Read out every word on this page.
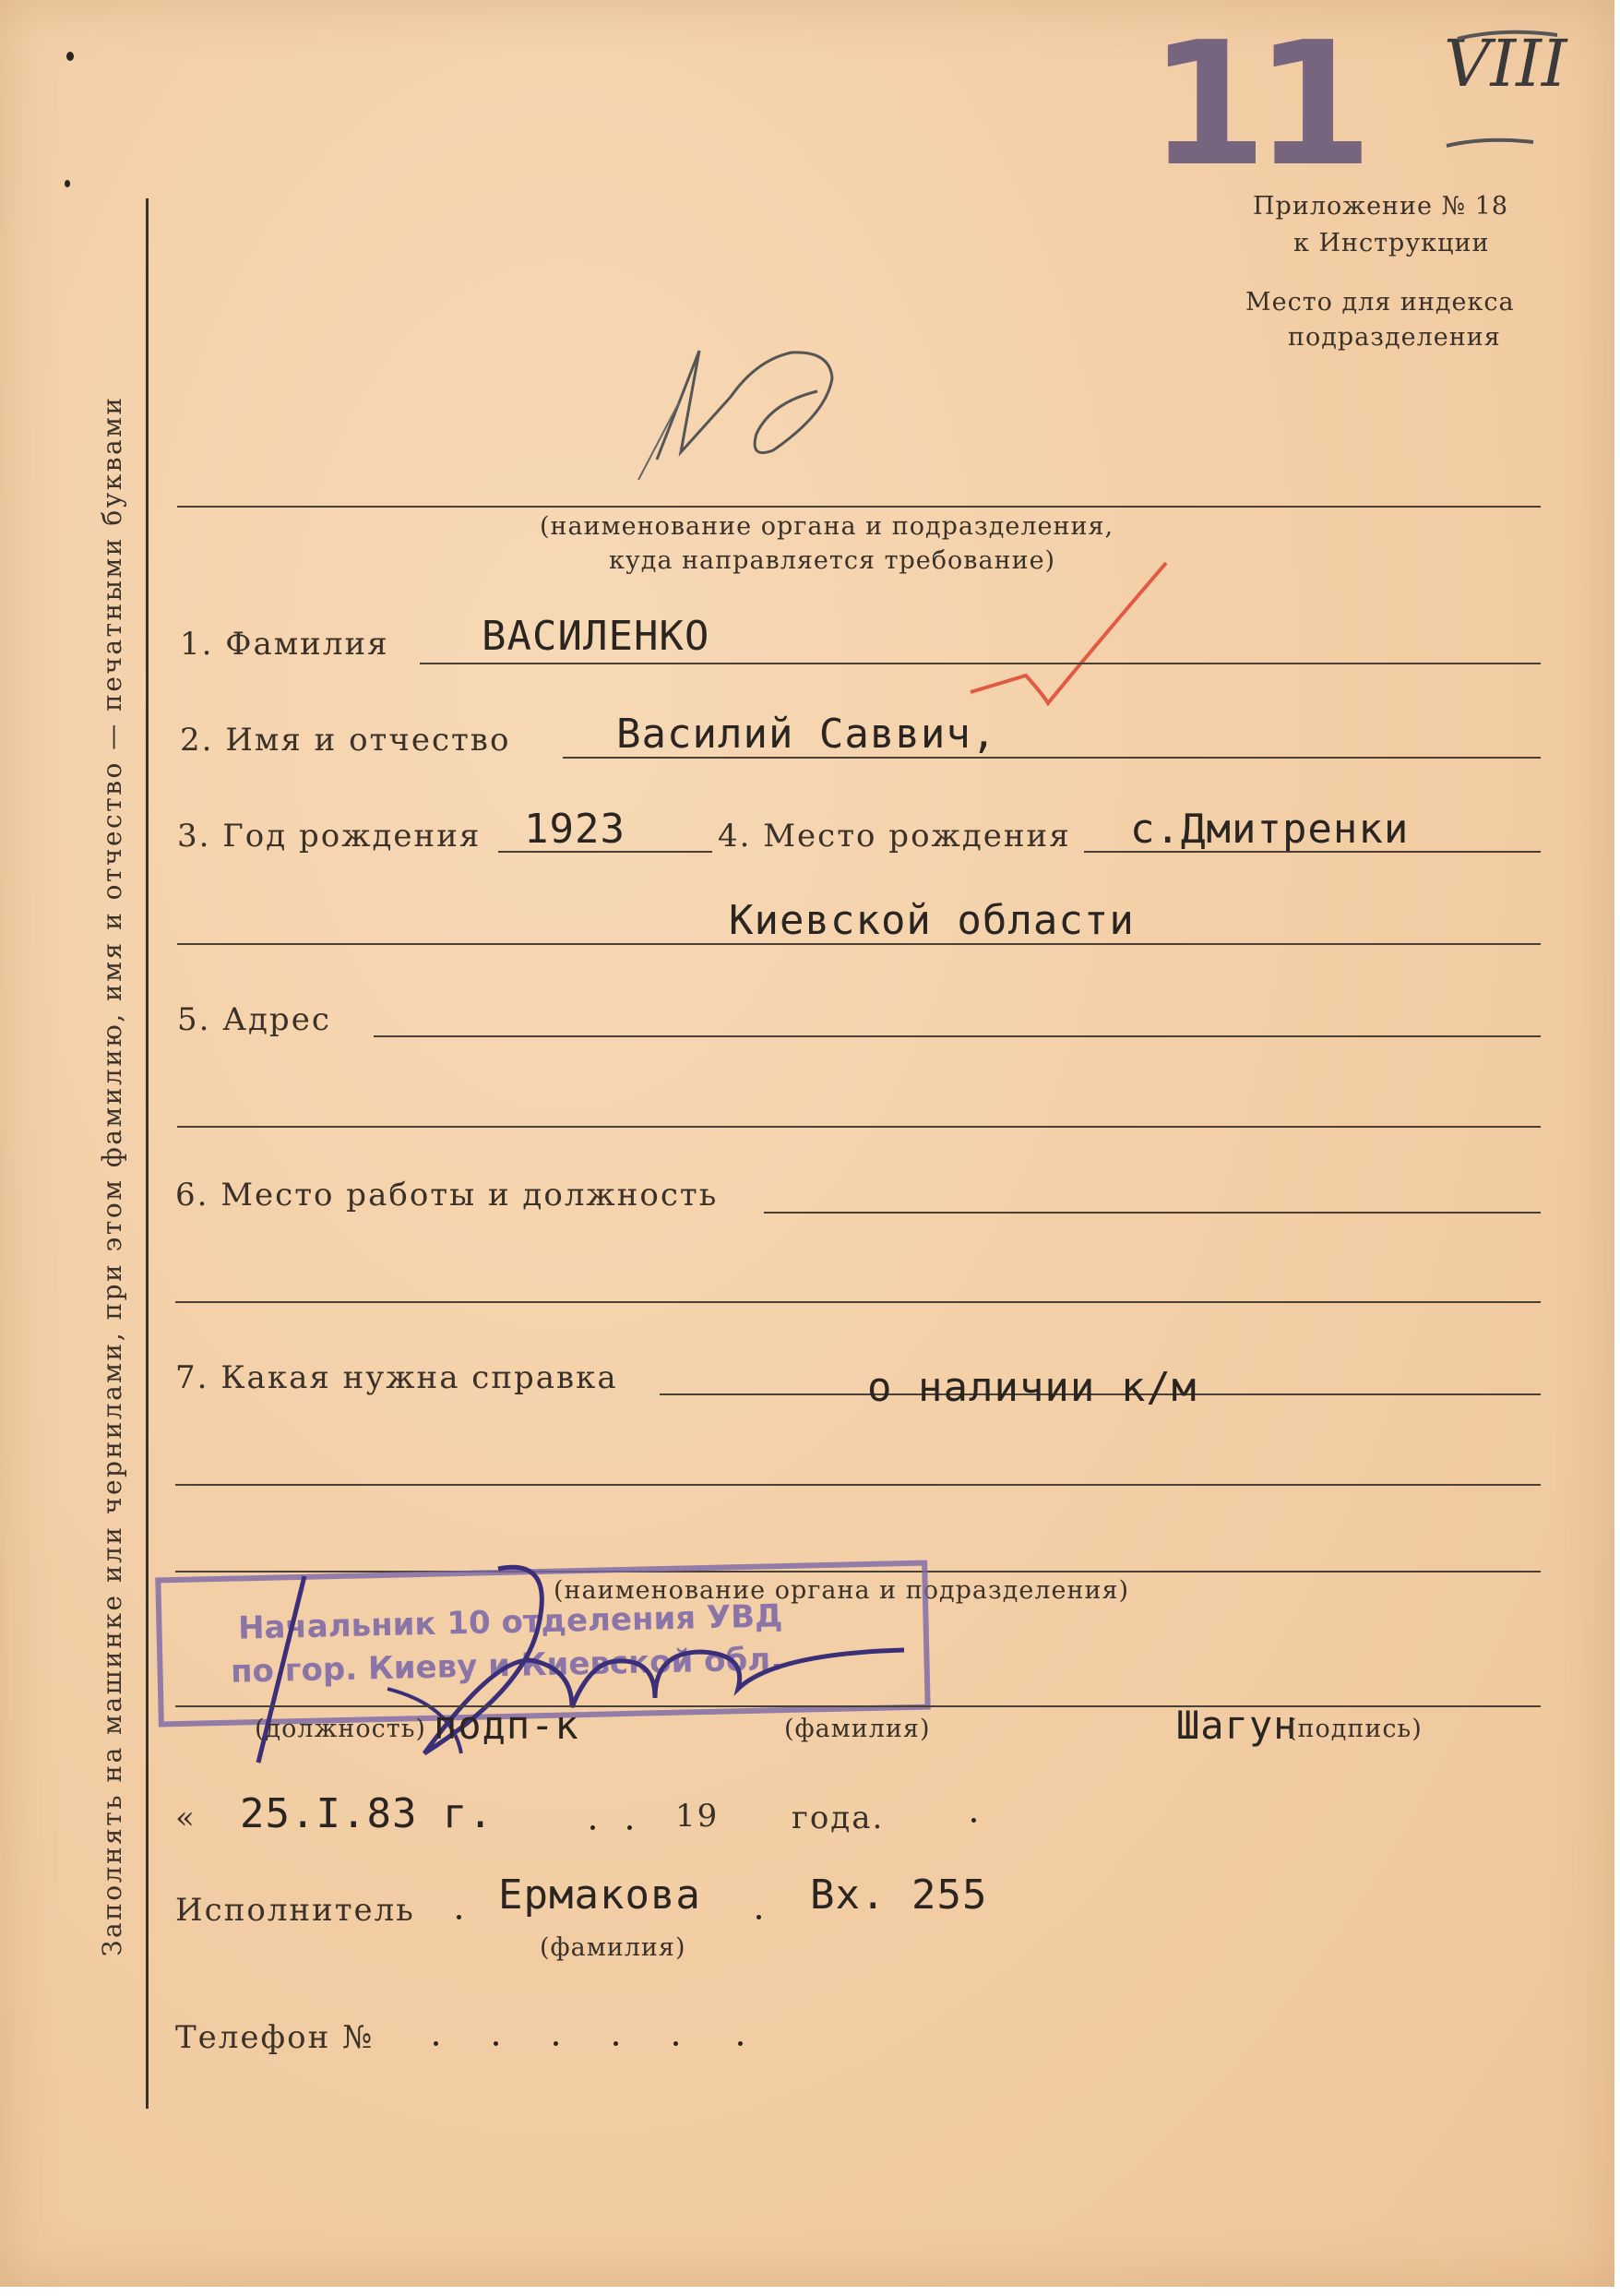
11 VIII
Приложение № 18
к Инструкции
Место для индекса
подразделения
Заполнять на машинке или чернилами, при этом фамилию, имя и отчество — печатными буквами	(наименование органа и подразделения,
куда направляется требование)
1. Фамилия ВАСИЛЕНКО
2. Имя и отчество	Василий Саввич,
3. Год рождения 1923	4. Место рождения с.Дмитренки
Киевской области
5. Адрес
6. Место работы и должность
7. Какая нужна справка	о наличии к/м
(наименование органа и подразделения)
Начальник 10 отделения УВД
по гор. Киеву и Киевской обл.
(должность) подп-к	(фамилия)	Шагун
(подпись)
« 25.I.83 г.	19 года.
Исполнитель Ермакова	Вх. 255
(фамилия)
Телефон №
